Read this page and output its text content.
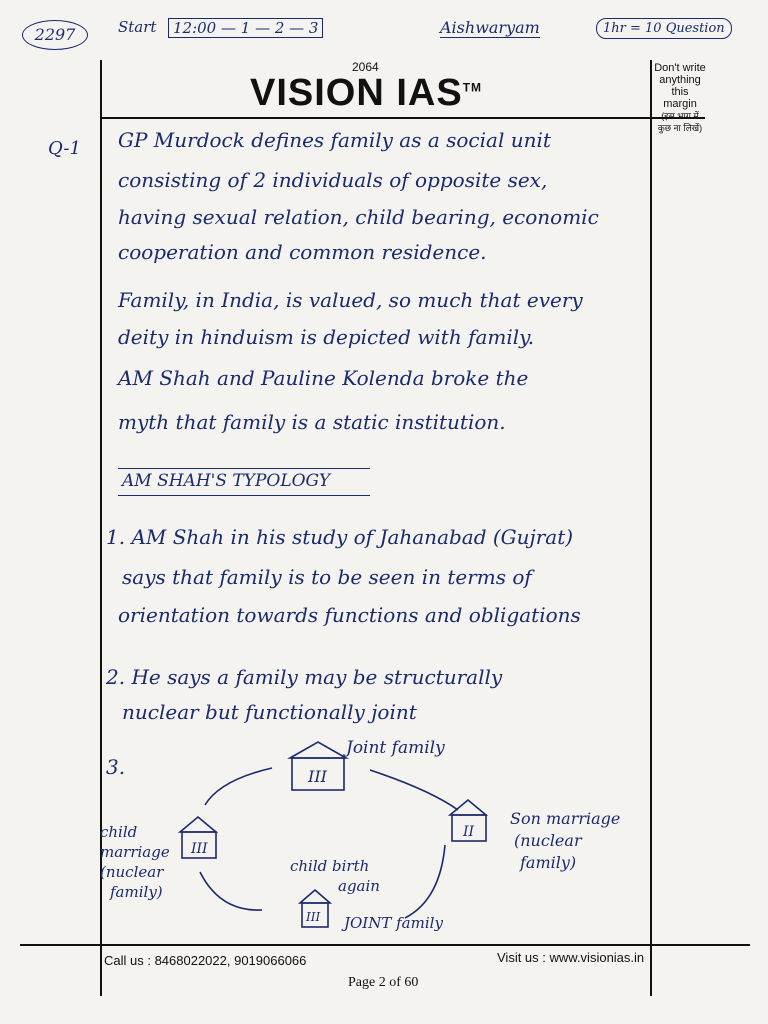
2297	Start	12:00 — 1 — 2 — 3	Aishwaryam	1hr = 10 Question
2064
VISION IAS™
Don't write
anything this
margin
(इस भाग में
कुछ ना लिखें)
Q-1 GP Murdock defines family as a social unit
consisting of 2 individuals of opposite sex,
having sexual relation, child bearing, economic
cooperation and common residence.
Family, in India, is valued, so much that every
deity in hinduism is depicted with family.
AM Shah and Pauline Kolenda broke the
myth that family is a static institution.
AM SHAH'S TYPOLOGY
1. AM Shah in his study of Jahanabad (Gujrat)
says that family is to be seen in terms of
orientation towards functions and obligations
2. He says a family may be structurally
nuclear but functionally joint
3.	III
II
III
III
Joint family
Son marriage
(nuclear
family)
child
marriage
(nuclear
family)
child birth
again
JOINT family
Call us : 8468022022, 9019066066	Visit us : www.visionias.in
Page 2 of 60
